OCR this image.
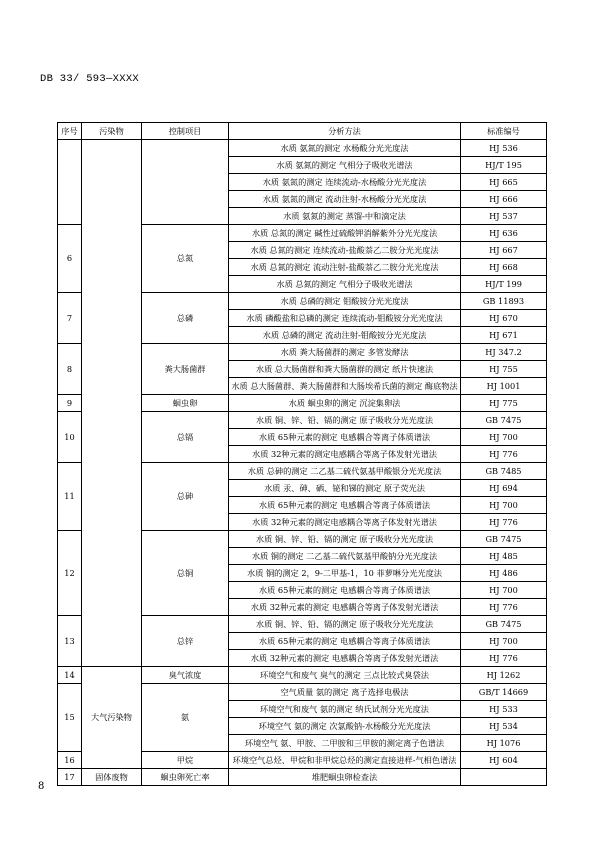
DB 33/ 593—XXXX
序号	污染物	控制项目	分析方法	标准编号
			水质 氨氮的测定 水杨酸分光光度法	HJ 536
			水质 氨氮的测定 气相分子吸收光谱法	HJ/T 195
			水质 氨氮的测定 连续流动-水杨酸分光光度法	HJ 665
			水质 氨氮的测定 流动注射-水杨酸分光光度法	HJ 666
			水质 氨氮的测定 蒸馏-中和滴定法	HJ 537
6		总氮	水质 总氮的测定 碱性过硫酸钾消解紫外分光光度法	HJ 636
			水质 总氮的测定 连续流动-盐酸萘乙二胺分光光度法	HJ 667
			水质 总氮的测定 流动注射-盐酸萘乙二胺分光光度法	HJ 668
			水质 总氮的测定 气相分子吸收光谱法	HJ/T 199
7		总磷	水质 总磷的测定 钼酸铵分光光度法	GB 11893
			水质 磷酸盐和总磷的测定 连续流动-钼酸铵分光光度法	HJ 670
			水质 总磷的测定 流动注射-钼酸铵分光光度法	HJ 671
8		粪大肠菌群	水质 粪大肠菌群的测定 多管发酵法	HJ 347.2
			水质 总大肠菌群和粪大肠菌群的测定 纸片快速法	HJ 755
			水质 总大肠菌群、粪大肠菌群和大肠埃希氏菌的测定 酶底物法	HJ 1001
9		蛔虫卵	水质 蛔虫卵的测定 沉淀集卵法	HJ 775
10		总镉	水质 铜、锌、铅、镉的测定 原子吸收分光光度法	GB 7475
			水质 65种元素的测定 电感耦合等离子体质谱法	HJ 700
			水质 32种元素的测定电感耦合等离子体发射光谱法	HJ 776
11		总砷	水质 总砷的测定 二乙基二硫代氨基甲酸银分光光度法	GB 7485
			水质 汞、砷、硒、铋和锑的测定 原子荧光法	HJ 694
			水质 65种元素的测定 电感耦合等离子体质谱法	HJ 700
			水质 32种元素的测定电感耦合等离子体发射光谱法	HJ 776
12		总铜	水质 铜、锌、铅、镉的测定 原子吸收分光光度法	GB 7475
			水质 铜的测定 二乙基二硫代氨基甲酸钠分光光度法	HJ 485
			水质 铜的测定 2，9-二甲基-1，10 菲萝啉分光光度法	HJ 486
			水质 65种元素的测定 电感耦合等离子体质谱法	HJ 700
			水质 32种元素的测定 电感耦合等离子体发射光谱法	HJ 776
13		总锌	水质 铜、锌、铅、镉的测定 原子吸收分光光度法	GB 7475
			水质 65种元素的测定 电感耦合等离子体质谱法	HJ 700
			水质 32种元素的测定 电感耦合等离子体发射光谱法	HJ 776
14	大气污染物	臭气浓度	环境空气和废气 臭气的测定 三点比较式臭袋法	HJ 1262
15		氨	空气质量 氨的测定 离子选择电极法	GB/T 14669
			环境空气和废气 氨的测定 纳氏试剂分光光度法	HJ 533
			环境空气 氨的测定 次氯酸钠-水杨酸分光光度法	HJ 534
			环境空气 氨、甲胺、二甲胺和三甲胺的测定离子色谱法	HJ 1076
16		甲烷	环境空气总烃、甲烷和非甲烷总烃的测定直接进样-气相色谱法	HJ 604
17	固体废物	蛔虫卵死亡率	堆肥蛔虫卵检查法	
8
